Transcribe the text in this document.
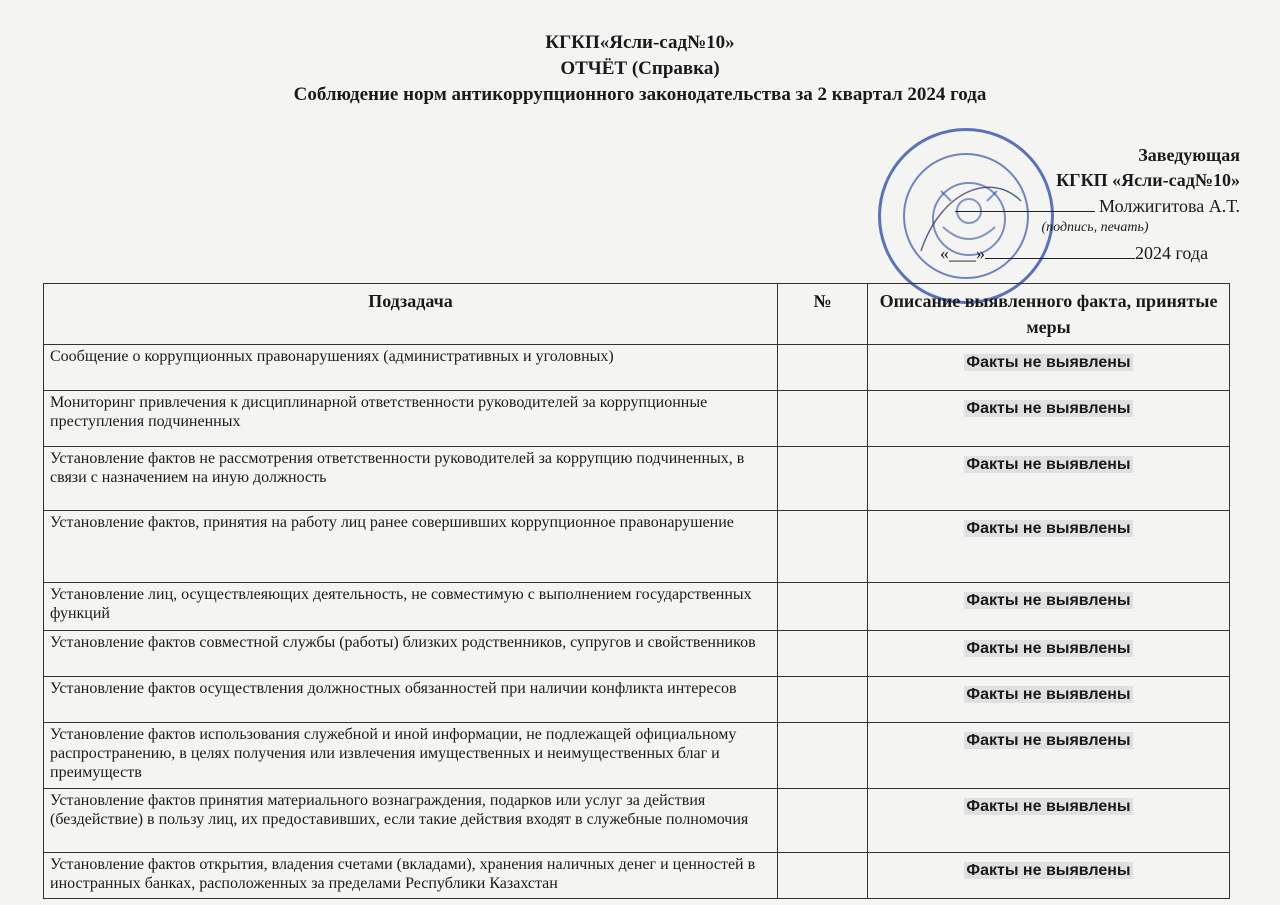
КГКП«Ясли-сад№10»
ОТЧЁТ (Справка)
Соблюдение норм антикоррупционного законодательства за 2 квартал 2024 года
Заведующая
КГКП «Ясли-сад№10»
Молжигитова А.Т.
(подпись, печать)
«___»	2024 года
Подзадача	№	Описание выявленного факта, принятые меры
Сообщение о коррупционных правонарушениях (административных и уголовных)		Факты не выявлены
Мониторинг привлечения к дисциплинарной ответственности руководителей за коррупционные преступления подчиненных		Факты не выявлены
Установление фактов не рассмотрения ответственности руководителей за коррупцию подчиненных, в связи с назначением на иную должность		Факты не выявлены
Установление фактов, принятия на работу лиц ранее совершивших коррупционное правонарушение		Факты не выявлены
Установление лиц, осуществлеяющих деятельность, не совместимую с выполнением государственных функций		Факты не выявлены
Установление фактов совместной службы (работы) близких родственников, супругов и свойственников		Факты не выявлены
Установление фактов осуществления должностных обязанностей при наличии конфликта интересов		Факты не выявлены
Установление фактов использования служебной и иной информации, не подлежащей официальному распространению, в целях получения или извлечения имущественных и неимущественных благ и преимуществ		Факты не выявлены
Установление фактов принятия материального вознаграждения, подарков или услуг за действия (бездействие) в пользу лиц, их предоставивших, если такие действия входят в служебные полномочия		Факты не выявлены
Установление фактов открытия, владения счетами (вкладами), хранения наличных денег и ценностей в иностранных банках, расположенных за пределами Республики Казахстан		Факты не выявлены
